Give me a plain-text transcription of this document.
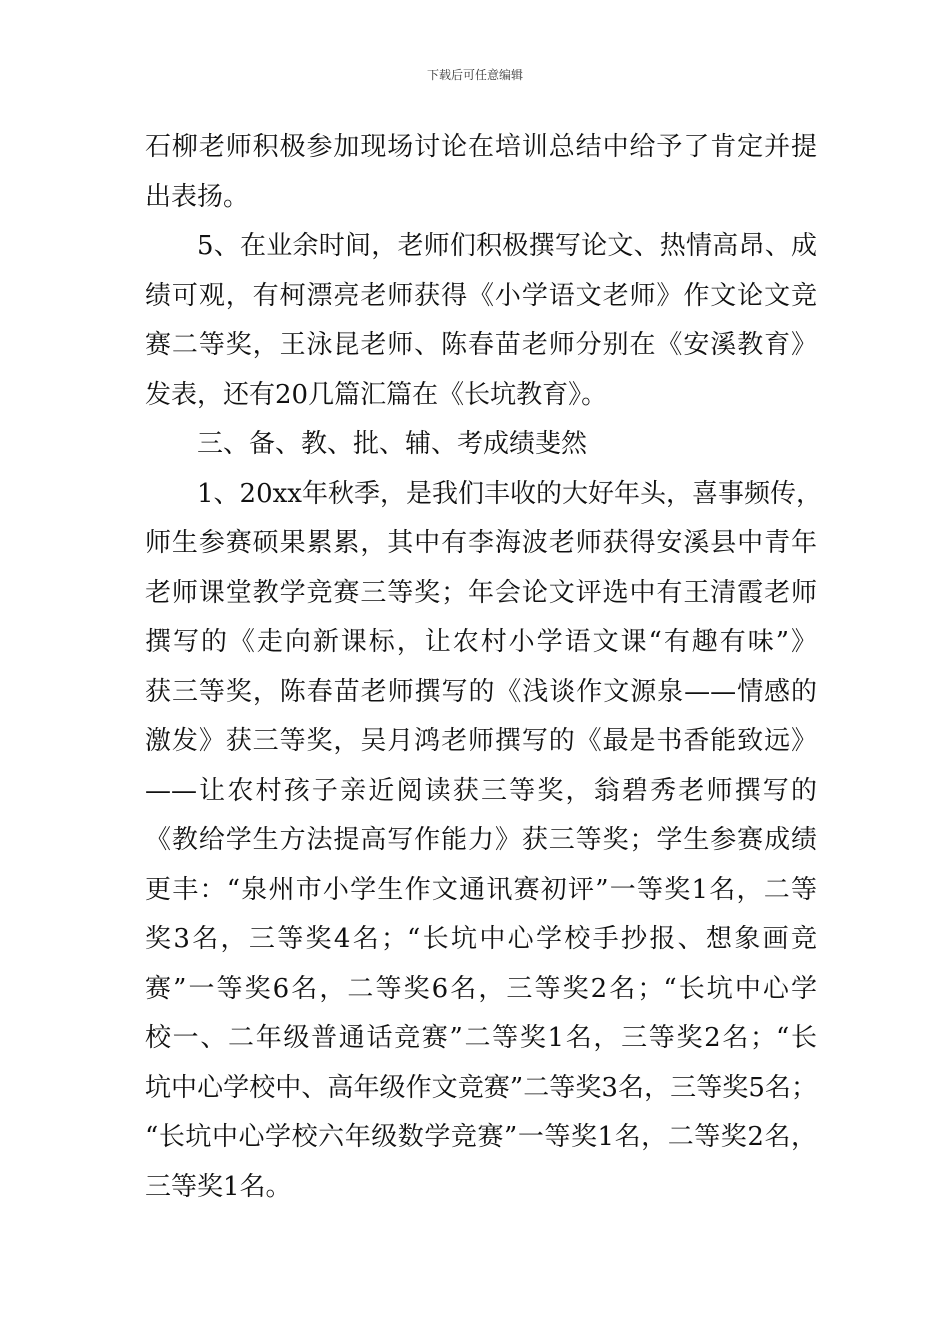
下载后可任意编辑
石柳老师积极参加现场讨论在培训总结中给予了肯定并提
出表扬。
5、在业余时间，老师们积极撰写论文、热情高昂、成
绩可观，有柯漂亮老师获得《小学语文老师》作文论文竞
赛二等奖，王泳昆老师、陈春苗老师分别在《安溪教育》
发表，还有20几篇汇篇在《长坑教育》。
三、备、教、批、辅、考成绩斐然
1、20xx年秋季，是我们丰收的大好年头，喜事频传，
师生参赛硕果累累，其中有李海波老师获得安溪县中青年
老师课堂教学竞赛三等奖；年会论文评选中有王清霞老师
撰写的《走向新课标，让农村小学语文课“有趣有味”》
获三等奖，陈春苗老师撰写的《浅谈作文源泉——情感的
激发》获三等奖，吴月鸿老师撰写的《最是书香能致远》
——让农村孩子亲近阅读获三等奖，翁碧秀老师撰写的
《教给学生方法提高写作能力》获三等奖；学生参赛成绩
更丰：“泉州市小学生作文通讯赛初评”一等奖1名，二等
奖3名，三等奖4名；“长坑中心学校手抄报、想象画竞
赛”一等奖6名，二等奖6名，三等奖2名；“长坑中心学
校一、二年级普通话竞赛”二等奖1名，三等奖2名；“长
坑中心学校中、高年级作文竞赛”二等奖3名，三等奖5名；
“长坑中心学校六年级数学竞赛”一等奖1名，二等奖2名，
三等奖1名。
